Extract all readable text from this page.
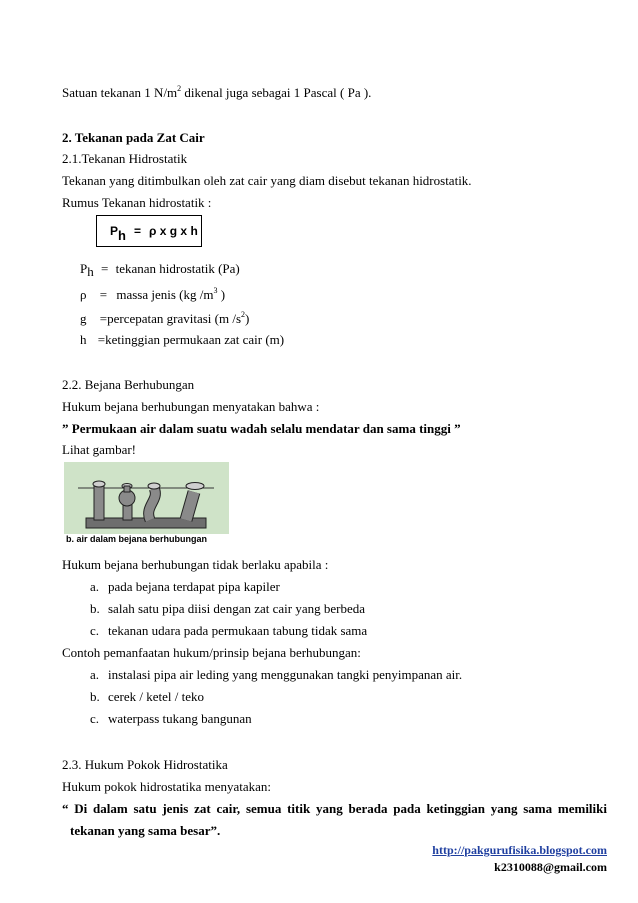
Satuan tekanan 1 $N/m^2$ dikenal juga sebagai 1 Pascal ( Pa ).
2. Tekanan pada Zat Cair
2.1.Tekanan Hidrostatik
Tekanan yang ditimbulkan oleh zat cair yang diam disebut tekanan hidrostatik.
Rumus Tekanan hidrostatik :
P h = ρ x g x h
Ph = tekanan hidrostatik (Pa)
ρ = massa jenis (kg $/m^3$ )
g =percepatan gravitasi (m $/s^2$)
h =ketinggian permukaan zat cair (m)
2.2. Bejana Berhubungan
Hukum bejana berhubungan menyatakan bahwa :
” Permukaan air dalam suatu wadah selalu mendatar dan sama tinggi ”
Lihat gambar!
b. air dalam bejana berhubungan
Hukum bejana berhubungan tidak berlaku apabila :
a. pada bejana terdapat pipa kapiler
b. salah satu pipa diisi dengan zat cair yang berbeda
c. tekanan udara pada permukaan tabung tidak sama
Contoh pemanfaatan hukum/prinsip bejana berhubungan:
a. instalasi pipa air leding yang menggunakan tangki penyimpanan air.
b. cerek / ketel / teko
c. waterpass tukang bangunan
2.3. Hukum Pokok Hidrostatika
Hukum pokok hidrostatika menyatakan:
“ Di dalam satu jenis zat cair, semua titik yang berada pada ketinggian yang sama memiliki
tekanan yang sama besar”.
http://pakgurufisika.blogspot.com
k2310088@gmail.com
